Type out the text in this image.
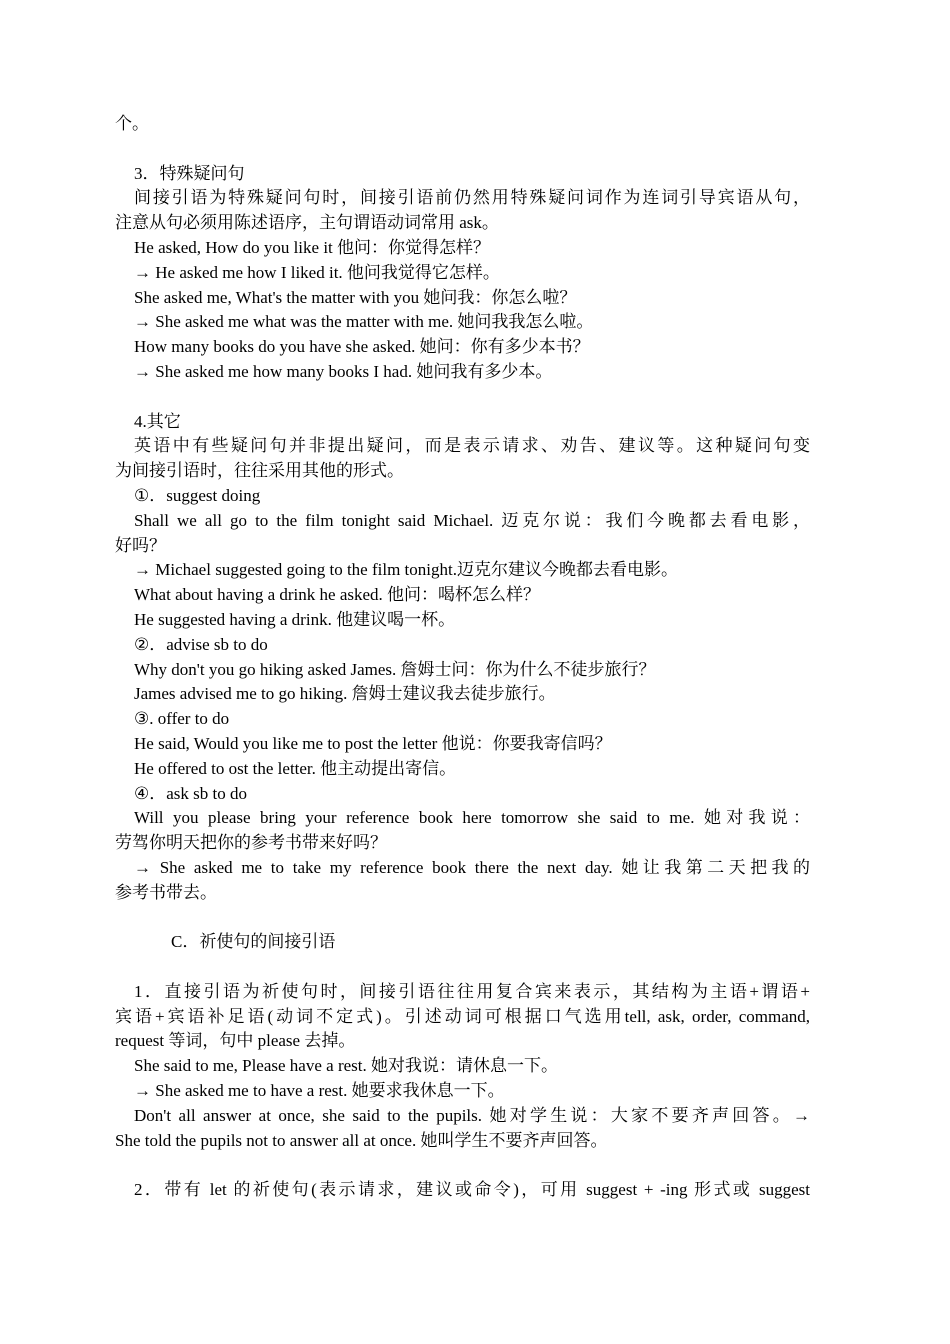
个。
3．特殊疑问句
间接引语为特殊疑问句时，间接引语前仍然用特殊疑问词作为连词引导宾语从句，
注意从句必须用陈述语序，主句谓语动词常用 ask。
He asked, How do you like it 他问：你觉得怎样？
→ He asked me how I liked it. 他问我觉得它怎样。
She asked me, What's the matter with you 她问我：你怎么啦？
→ She asked me what was the matter with me. 她问我我怎么啦。
How many books do you have she asked. 她问：你有多少本书？
→ She asked me how many books I had. 她问我有多少本。
4.其它
英语中有些疑问句并非提出疑问，而是表示请求、劝告、建议等。这种疑问句变
为间接引语时，往往采用其他的形式。
①．suggest doing
Shall we all go to the film tonight said Michael. 迈克尔说：我们今晚都去看电影，
好吗？
→ Michael suggested going to the film tonight.迈克尔建议今晚都去看电影。
What about having a drink he asked. 他问：喝杯怎么样？
He suggested having a drink. 他建议喝一杯。
②．advise sb to do
Why don't you go hiking asked James. 詹姆士问：你为什么不徒步旅行？
James advised me to go hiking. 詹姆士建议我去徒步旅行。
③. offer to do
He said, Would you like me to post the letter 他说：你要我寄信吗？
He offered to ost the letter. 他主动提出寄信。
④．ask sb to do
Will you please bring your reference book here tomorrow she said to me. 她对我说：
劳驾你明天把你的参考书带来好吗？
→ She asked me to take my reference book there the next day. 她让我第二天把我的
参考书带去。
C．祈使句的间接引语
1．直接引语为祈使句时，间接引语往往用复合宾来表示，其结构为主语+谓语+
宾语+宾语补足语(动词不定式)。引述动词可根据口气选用tell, ask, order, command,
request 等词，句中 please 去掉。
She said to me, Please have a rest. 她对我说：请休息一下。
→ She asked me to have a rest. 她要求我休息一下。
Don't all answer at once, she said to the pupils. 她对学生说：大家不要齐声回答。→
She told the pupils not to answer all at once. 她叫学生不要齐声回答。
2．带有 let 的祈使句(表示请求，建议或命令)，可用 suggest + -ing 形式或 suggest
